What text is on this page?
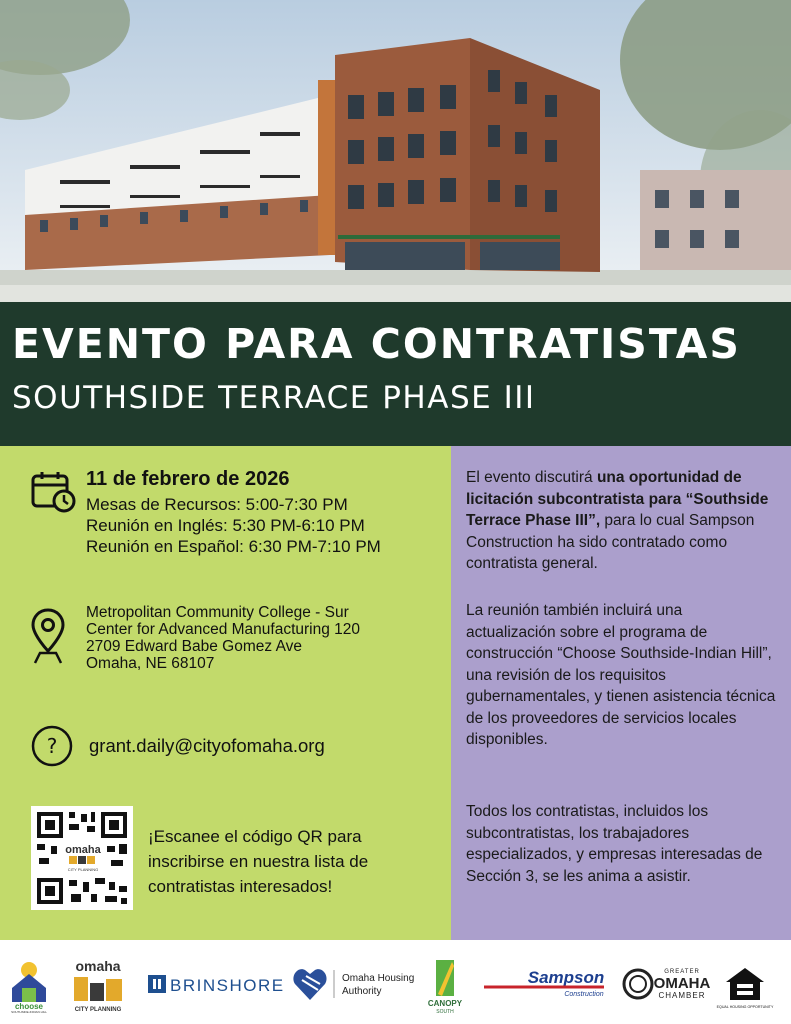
EVENTO PARA CONTRATISTAS
SOUTHSIDE TERRACE PHASE III
11 de febrero de 2026
Mesas de Recursos: 5:00-7:30 PM
Reunión en Inglés: 5:30 PM-6:10 PM
Reunión en Español: 6:30 PM-7:10 PM
Metropolitan Community College - Sur
Center for Advanced Manufacturing 120
2709 Edward Babe Gomez Ave
Omaha, NE 68107
? grant.daily@cityofomaha.org
omaha
CITY PLANNING
¡Escanee el código QR para
inscribirse en nuestra lista de
contratistas interesados!
El evento discutirá una oportunidad de licitación subcontratista para “Southside Terrace Phase III”, para lo cual Sampson Construction ha sido contratado como contratista general.
La reunión también incluirá una actualización sobre el programa de construcción “Choose Southside-Indian Hill”, una revisión de los requisitos gubernamentales, y tienen asistencia técnica de los proveedores de servicios locales disponibles.
Todos los contratistas, incluidos los subcontratistas, los trabajadores especializados, y empresas interesadas de Sección 3, se les anima a asistir.
choose
SOUTHSIDE-INDIAN HILL
omaha
CITY PLANNING
BRINSHORE	Omaha Housing
Authority
CANOPY
SOUTH
Sampson
Construction
GREATER
OMAHA
CHAMBER
EQUAL HOUSING OPPORTUNITY
